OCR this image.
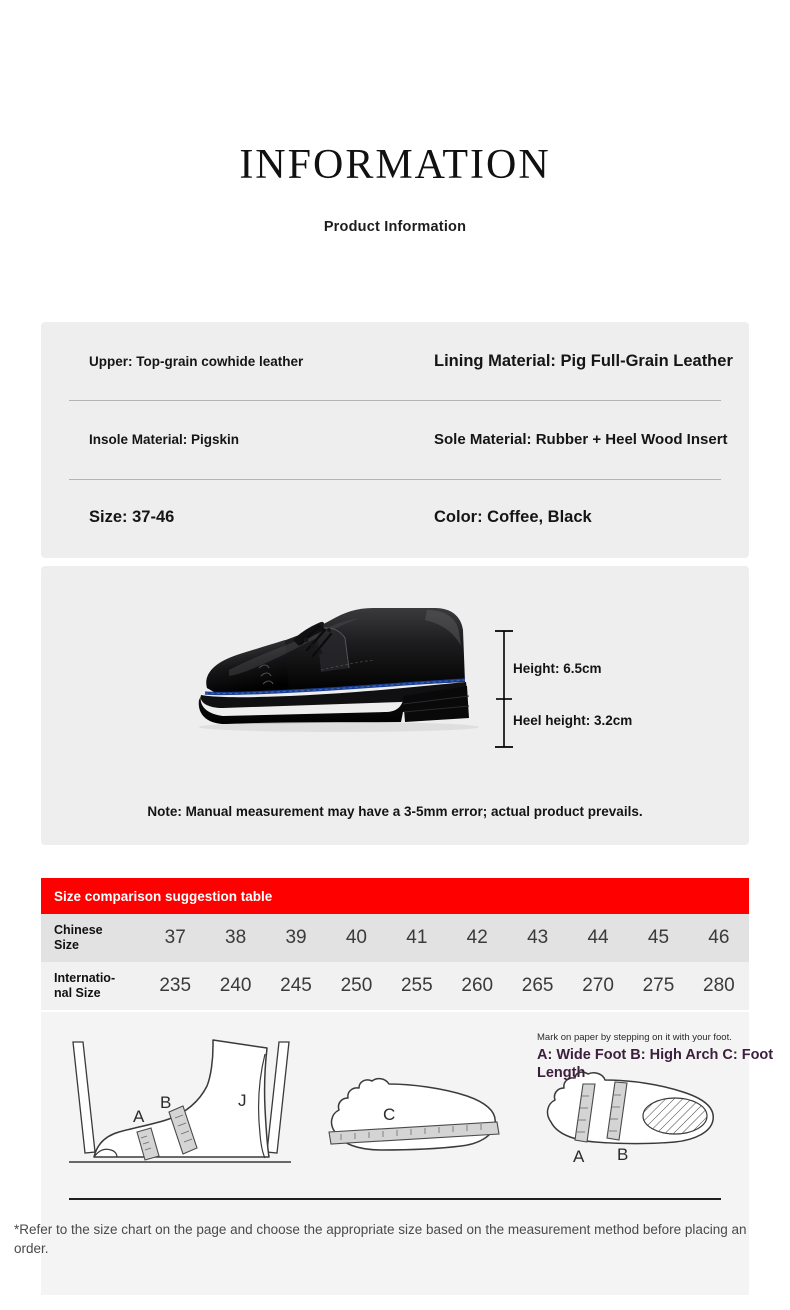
INFORMATION

Product Information

Upper: Top-grain cowhide leather	Lining Material: Pig Full-Grain Leather
Insole Material: Pigskin	Sole Material: Rubber + Heel Wood Insert
Size: 37-46	Color: Coffee, Black
Height: 6.5cm
Heel height: 3.2cm
Note: Manual measurement may have a 3-5mm error; actual product prevails.
Size comparison suggestion table
Chinese
Size	37	38	39	40	41	42	43	44	45	46
Internatio-
nal Size	235	240	245	250	255	260	265	270	275	280
A
B	J
C
A B
Mark on paper by stepping on it with your foot.
A: Wide Foot B: High Arch C: Foot Length
*Refer to the size chart on the page and choose the appropriate size based on the measurement method before placing an order.
